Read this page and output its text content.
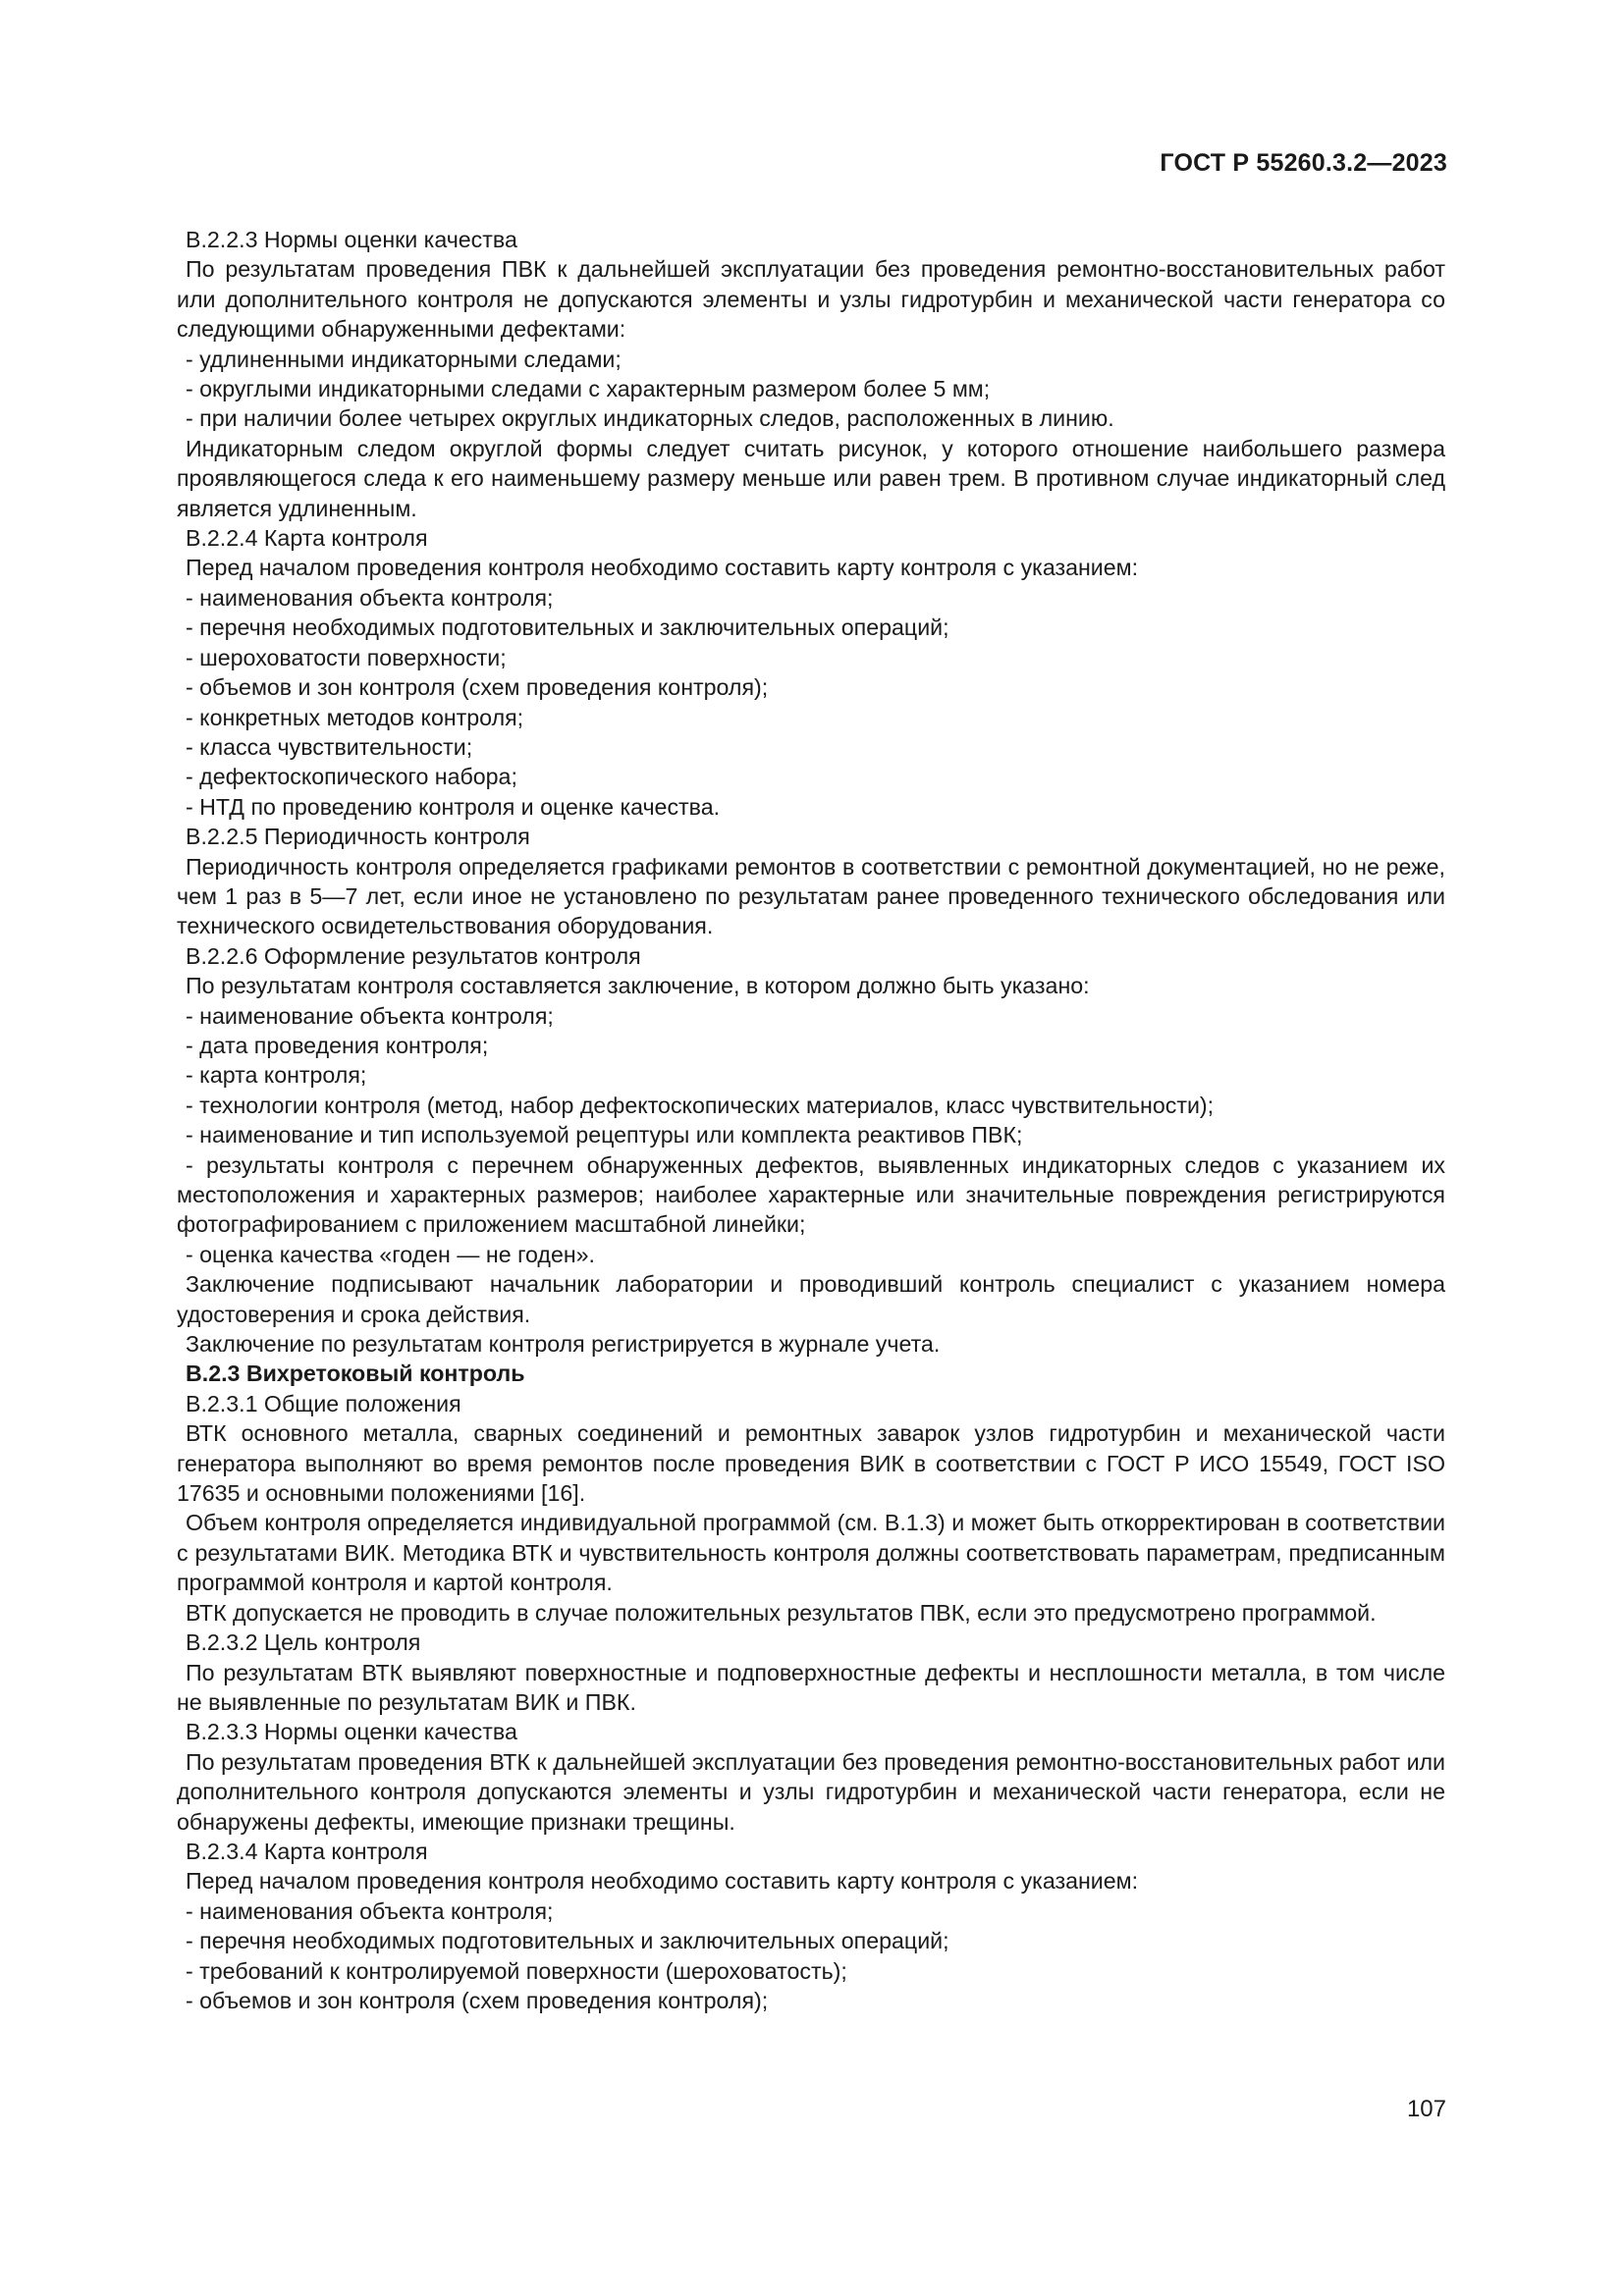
ГОСТ Р 55260.3.2—2023

В.2.2.3 Нормы оценки качества

По результатам проведения ПВК к дальнейшей эксплуатации без проведения ремонтно-восстановительных работ или дополнительного контроля не допускаются элементы и узлы гидротурбин и механической части генератора со следующими обнаруженными дефектами:

- удлиненными индикаторными следами;

- округлыми индикаторными следами с характерным размером более 5 мм;

- при наличии более четырех округлых индикаторных следов, расположенных в линию.

Индикаторным следом округлой формы следует считать рисунок, у которого отношение наибольшего размера проявляющегося следа к его наименьшему размеру меньше или равен трем. В противном случае индикаторный след является удлиненным.

В.2.2.4 Карта контроля

Перед началом проведения контроля необходимо составить карту контроля с указанием:

- наименования объекта контроля;

- перечня необходимых подготовительных и заключительных операций;

- шероховатости поверхности;

- объемов и зон контроля (схем проведения контроля);

- конкретных методов контроля;

- класса чувствительности;

- дефектоскопического набора;

- НТД по проведению контроля и оценке качества.

В.2.2.5 Периодичность контроля

Периодичность контроля определяется графиками ремонтов в соответствии с ремонтной документацией, но не реже, чем 1 раз в 5—7 лет, если иное не установлено по результатам ранее проведенного технического обследования или технического освидетельствования оборудования.

В.2.2.6 Оформление результатов контроля

По результатам контроля составляется заключение, в котором должно быть указано:

- наименование объекта контроля;

- дата проведения контроля;

- карта контроля;

- технологии контроля (метод, набор дефектоскопических материалов, класс чувствительности);

- наименование и тип используемой рецептуры или комплекта реактивов ПВК;

- результаты контроля с перечнем обнаруженных дефектов, выявленных индикаторных следов с указанием их местоположения и характерных размеров; наиболее характерные или значительные повреждения регистрируются фотографированием с приложением масштабной линейки;

- оценка качества «годен — не годен».

Заключение подписывают начальник лаборатории и проводивший контроль специалист с указанием номера удостоверения и срока действия.

Заключение по результатам контроля регистрируется в журнале учета.

В.2.3 Вихретоковый контроль

В.2.3.1 Общие положения

ВТК основного металла, сварных соединений и ремонтных заварок узлов гидротурбин и механической части генератора выполняют во время ремонтов после проведения ВИК в соответствии с ГОСТ Р ИСО 15549, ГОСТ ISO 17635 и основными положениями [16].

Объем контроля определяется индивидуальной программой (см. В.1.3) и может быть откорректирован в соответствии с результатами ВИК. Методика ВТК и чувствительность контроля должны соответствовать параметрам, предписанным программой контроля и картой контроля.

ВТК допускается не проводить в случае положительных результатов ПВК, если это предусмотрено программой.

В.2.3.2 Цель контроля

По результатам ВТК выявляют поверхностные и подповерхностные дефекты и несплошности металла, в том числе не выявленные по результатам ВИК и ПВК.

В.2.3.3 Нормы оценки качества

По результатам проведения ВТК к дальнейшей эксплуатации без проведения ремонтно-восстановительных работ или дополнительного контроля допускаются элементы и узлы гидротурбин и механической части генератора, если не обнаружены дефекты, имеющие признаки трещины.

В.2.3.4 Карта контроля

Перед началом проведения контроля необходимо составить карту контроля с указанием:

- наименования объекта контроля;

- перечня необходимых подготовительных и заключительных операций;

- требований к контролируемой поверхности (шероховатость);

- объемов и зон контроля (схем проведения контроля);

107
